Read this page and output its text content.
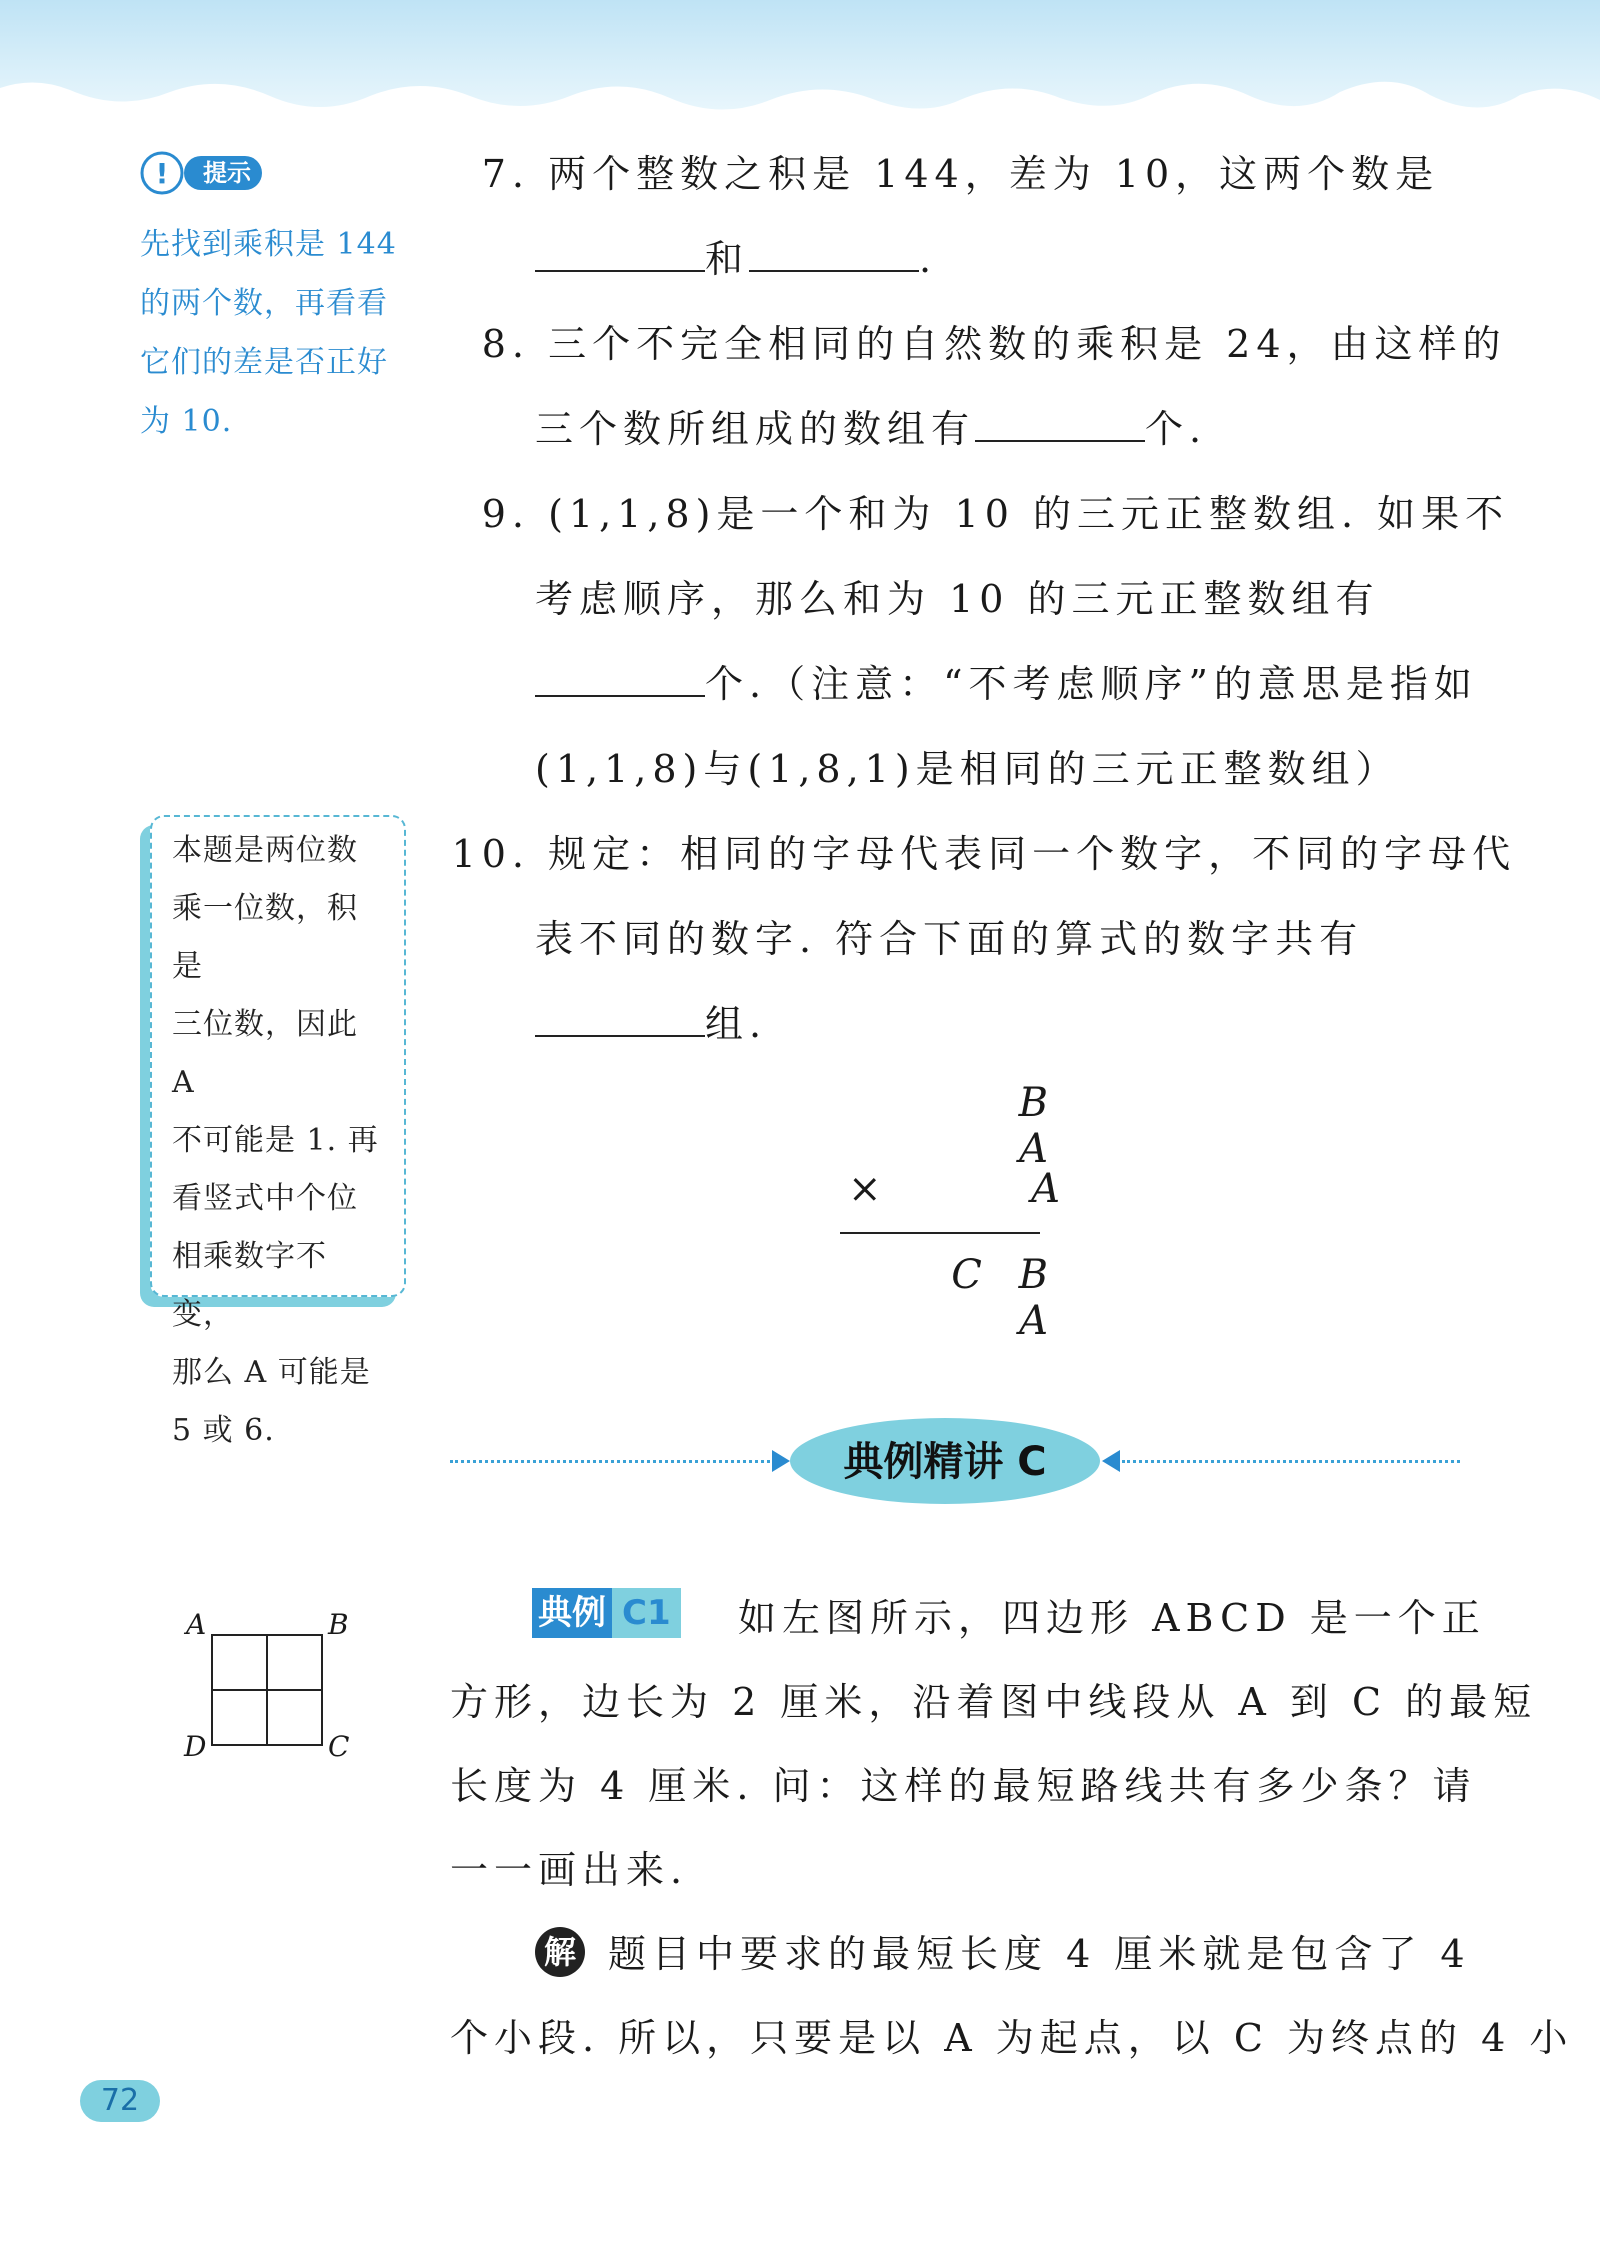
!	提示
先找到乘积是 144
的两个数，再看看
它们的差是否正好
为 10.
7. 两个整数之积是 144，差为 10，这两个数是
和	.
8. 三个不完全相同的自然数的乘积是 24，由这样的
三个数所组成的数组有	个.
9. (1,1,8)是一个和为 10 的三元正整数组. 如果不
考虑顺序，那么和为 10 的三元正整数组有
个.（注意：“不考虑顺序”的意思是指如
(1,1,8)与(1,8,1)是相同的三元正整数组）
本题是两位数
乘一位数，积是
三位数，因此 A
不可能是 1. 再
看竖式中个位
相乘数字不变，
那么 A 可能是
5 或 6.
10. 规定：相同的字母代表同一个数字，不同的字母代
表不同的数字. 符合下面的算式的数字共有
组.
B A
×	A
C B A
典例精讲 C
A	B
D	C
典例 C1 如左图所示，四边形 ABCD 是一个正
方形，边长为 2 厘米，沿着图中线段从 A 到 C 的最短
长度为 4 厘米. 问：这样的最短路线共有多少条？请
一一画出来.
解 题目中要求的最短长度 4 厘米就是包含了 4
个小段. 所以，只要是以 A 为起点，以 C 为终点的 4 小
72
